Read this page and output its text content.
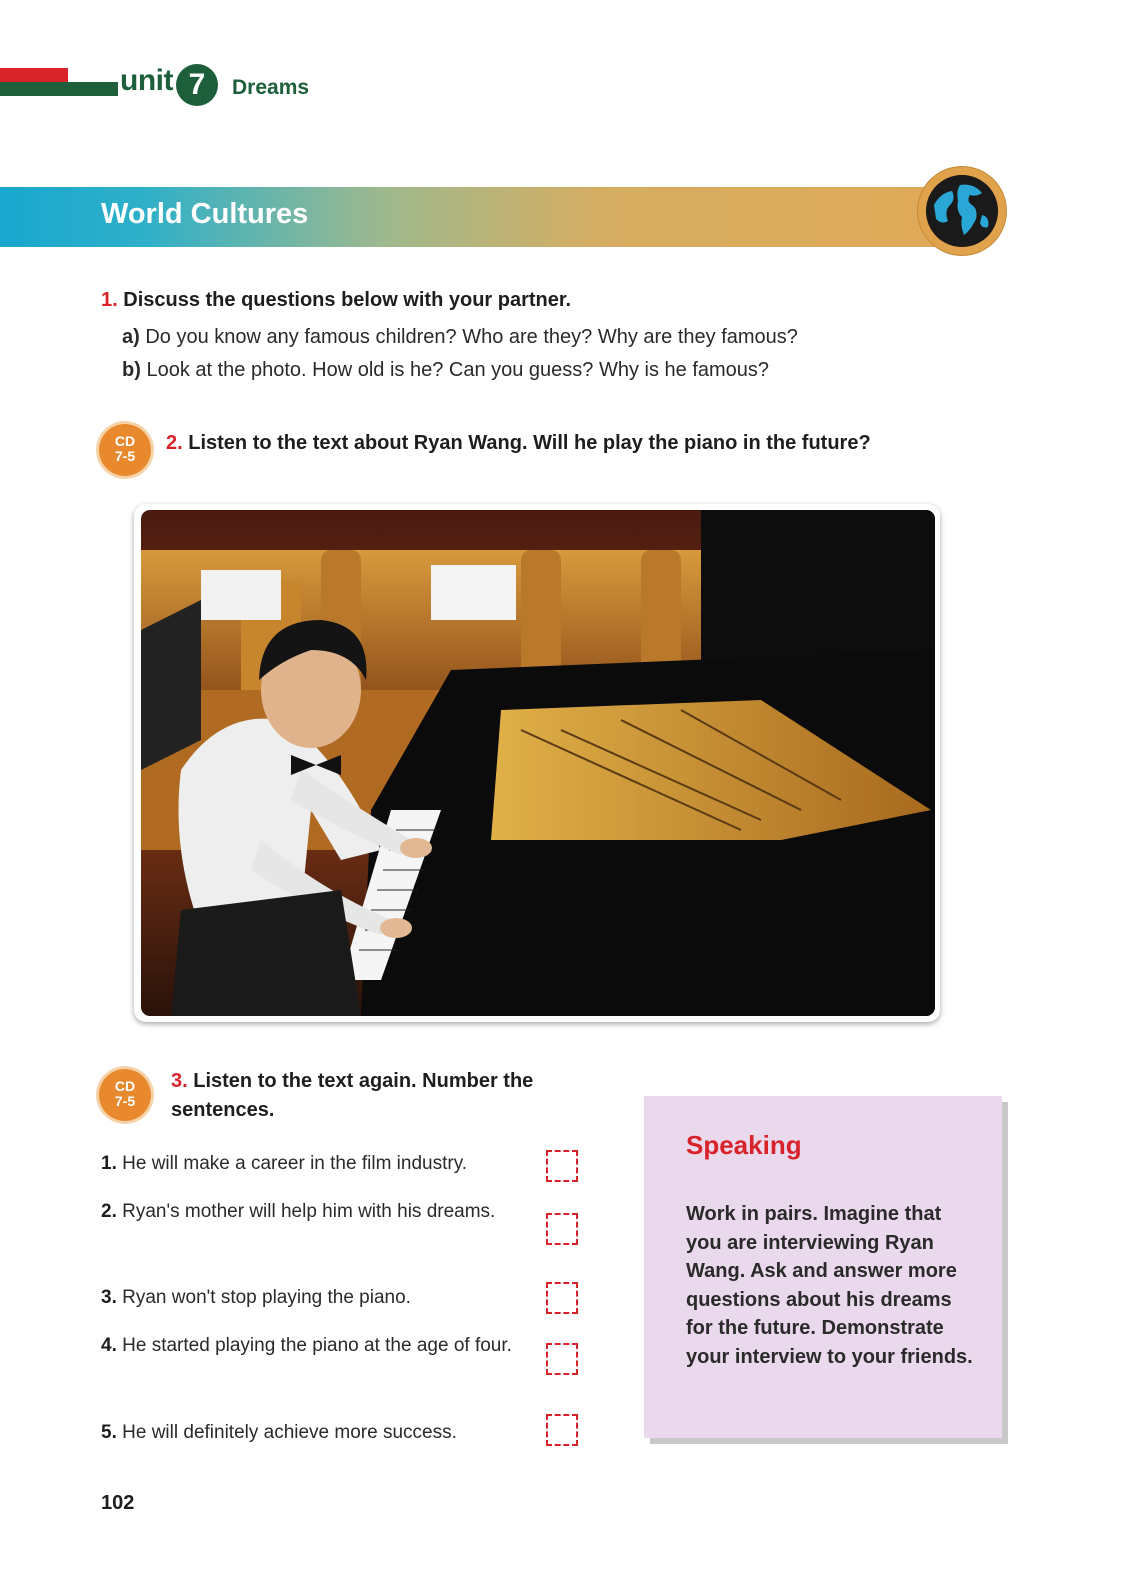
unit 7	Dreams
World Cultures
1. Discuss the questions below with your partner.
a) Do you know any famous children? Who are they? Why are they famous?
b) Look at the photo. How old is he? Can you guess? Why is he famous?
CD
7-5
2. Listen to the text about Ryan Wang. Will he play the piano in the future?
CD
7-5
3. Listen to the text again. Number the sentences.
1. He will make a career in the film industry.
2. Ryan's mother will help him with his dreams.
3. Ryan won't stop playing the piano.
4. He started playing the piano at the age of four.
5. He will definitely achieve more success.
Speaking
Work in pairs. Imagine that you are interviewing Ryan Wang. Ask and answer more questions about his dreams for the future. Demonstrate your interview to your friends.
102
